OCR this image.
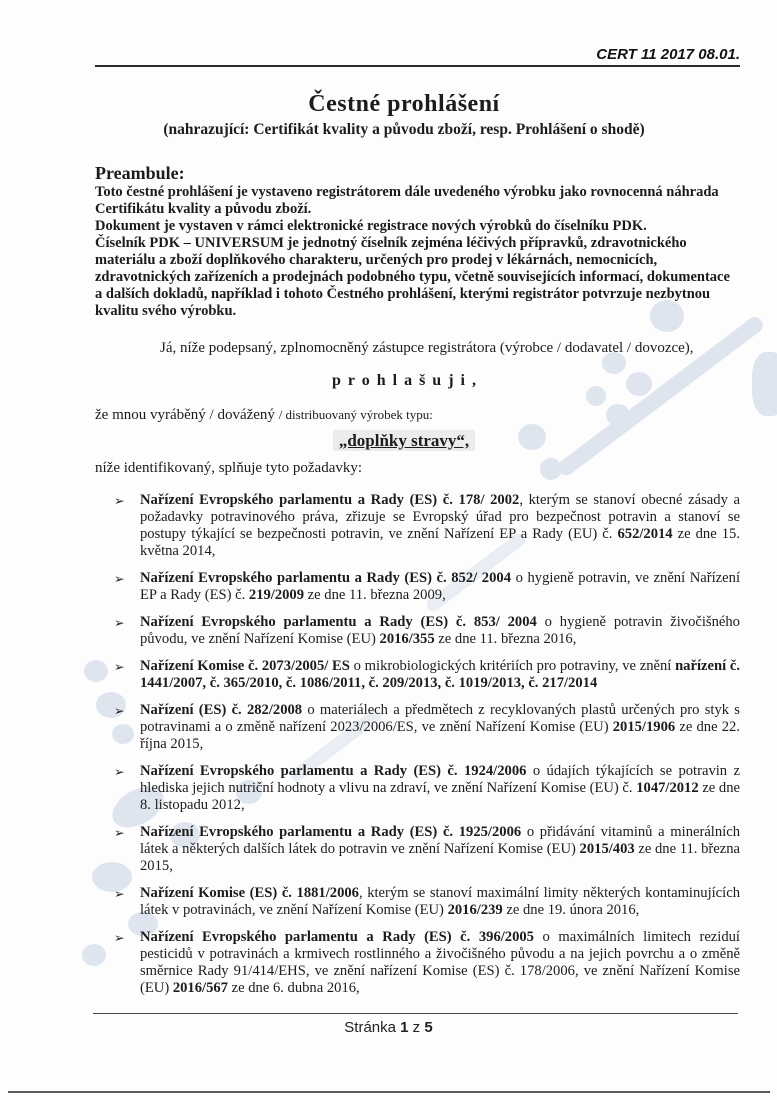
CERT 11 2017 08.01.
Čestné prohlášení
(nahrazující: Certifikát kvality a původu zboží, resp. Prohlášení o shodě)
Preambule:

Toto čestné prohlášení je vystaveno registrátorem dále uvedeného výrobku jako rovnocenná náhrada Certifikátu kvality a původu zboží.

Dokument je vystaven v rámci elektronické registrace nových výrobků do číselníku PDK.

Číselník PDK – UNIVERSUM je jednotný číselník zejména léčivých přípravků, zdravotnického materiálu a zboží doplňkového charakteru, určených pro prodej v lékárnách, nemocnicích, zdravotnických zařízeních a prodejnách podobného typu, včetně souvisejících informací, dokumentace a dalších dokladů, například i tohoto Čestného prohlášení, kterými registrátor potvrzuje nezbytnou kvalitu svého výrobku.

Já, níže podepsaný, zplnomocněný zástupce registrátora (výrobce / dodavatel / dovozce),

p r o h l a š u j i ,

že mnou vyráběný / dovážený / distribuovaný výrobek typu:

„doplňky stravy“,

níže identifikovaný, splňuje tyto požadavky:

➢ Nařízení Evropského parlamentu a Rady (ES) č. 178/ 2002, kterým se stanoví obecné zásady a požadavky potravinového práva, zřizuje se Evropský úřad pro bezpečnost potravin a stanoví se postupy týkající se bezpečnosti potravin, ve znění Nařízení EP a Rady (EU) č. 652/2014 ze dne 15. května 2014,
➢ Nařízení Evropského parlamentu a Rady (ES) č. 852/ 2004 o hygieně potravin, ve znění Nařízení EP a Rady (ES) č. 219/2009 ze dne 11. března 2009,
➢ Nařízení Evropského parlamentu a Rady (ES) č. 853/ 2004 o hygieně potravin živočišného původu, ve znění Nařízení Komise (EU) 2016/355 ze dne 11. března 2016,
➢ Nařízení Komise č. 2073/2005/ ES o mikrobiologických kritériích pro potraviny, ve znění nařízení č. 1441/2007, č. 365/2010, č. 1086/2011, č. 209/2013, č. 1019/2013, č. 217/2014
➢ Nařízení (ES) č. 282/2008 o materiálech a předmětech z recyklovaných plastů určených pro styk s potravinami a o změně nařízení 2023/2006/ES, ve znění Nařízení Komise (EU) 2015/1906 ze dne 22. října 2015,
➢ Nařízení Evropského parlamentu a Rady (ES) č. 1924/2006 o údajích týkajících se potravin z hlediska jejich nutriční hodnoty a vlivu na zdraví, ve znění Nařízení Komise (EU) č. 1047/2012 ze dne 8. listopadu 2012,
➢ Nařízení Evropského parlamentu a Rady (ES) č. 1925/2006 o přidávání vitaminů a minerálních látek a některých dalších látek do potravin ve znění Nařízení Komise (EU) 2015/403 ze dne 11. března 2015,
➢ Nařízení Komise (ES) č. 1881/2006, kterým se stanoví maximální limity některých kontaminujících látek v potravinách, ve znění Nařízení Komise (EU) 2016/239 ze dne 19. února 2016,
➢ Nařízení Evropského parlamentu a Rady (ES) č. 396/2005 o maximálních limitech reziduí pesticidů v potravinách a krmivech rostlinného a živočišného původu a na jejich povrchu a o změně směrnice Rady 91/414/EHS, ve znění nařízení Komise (ES) č. 178/2006, ve znění Nařízení Komise (EU) 2016/567 ze dne 6. dubna 2016,
Stránka 1 z 5
